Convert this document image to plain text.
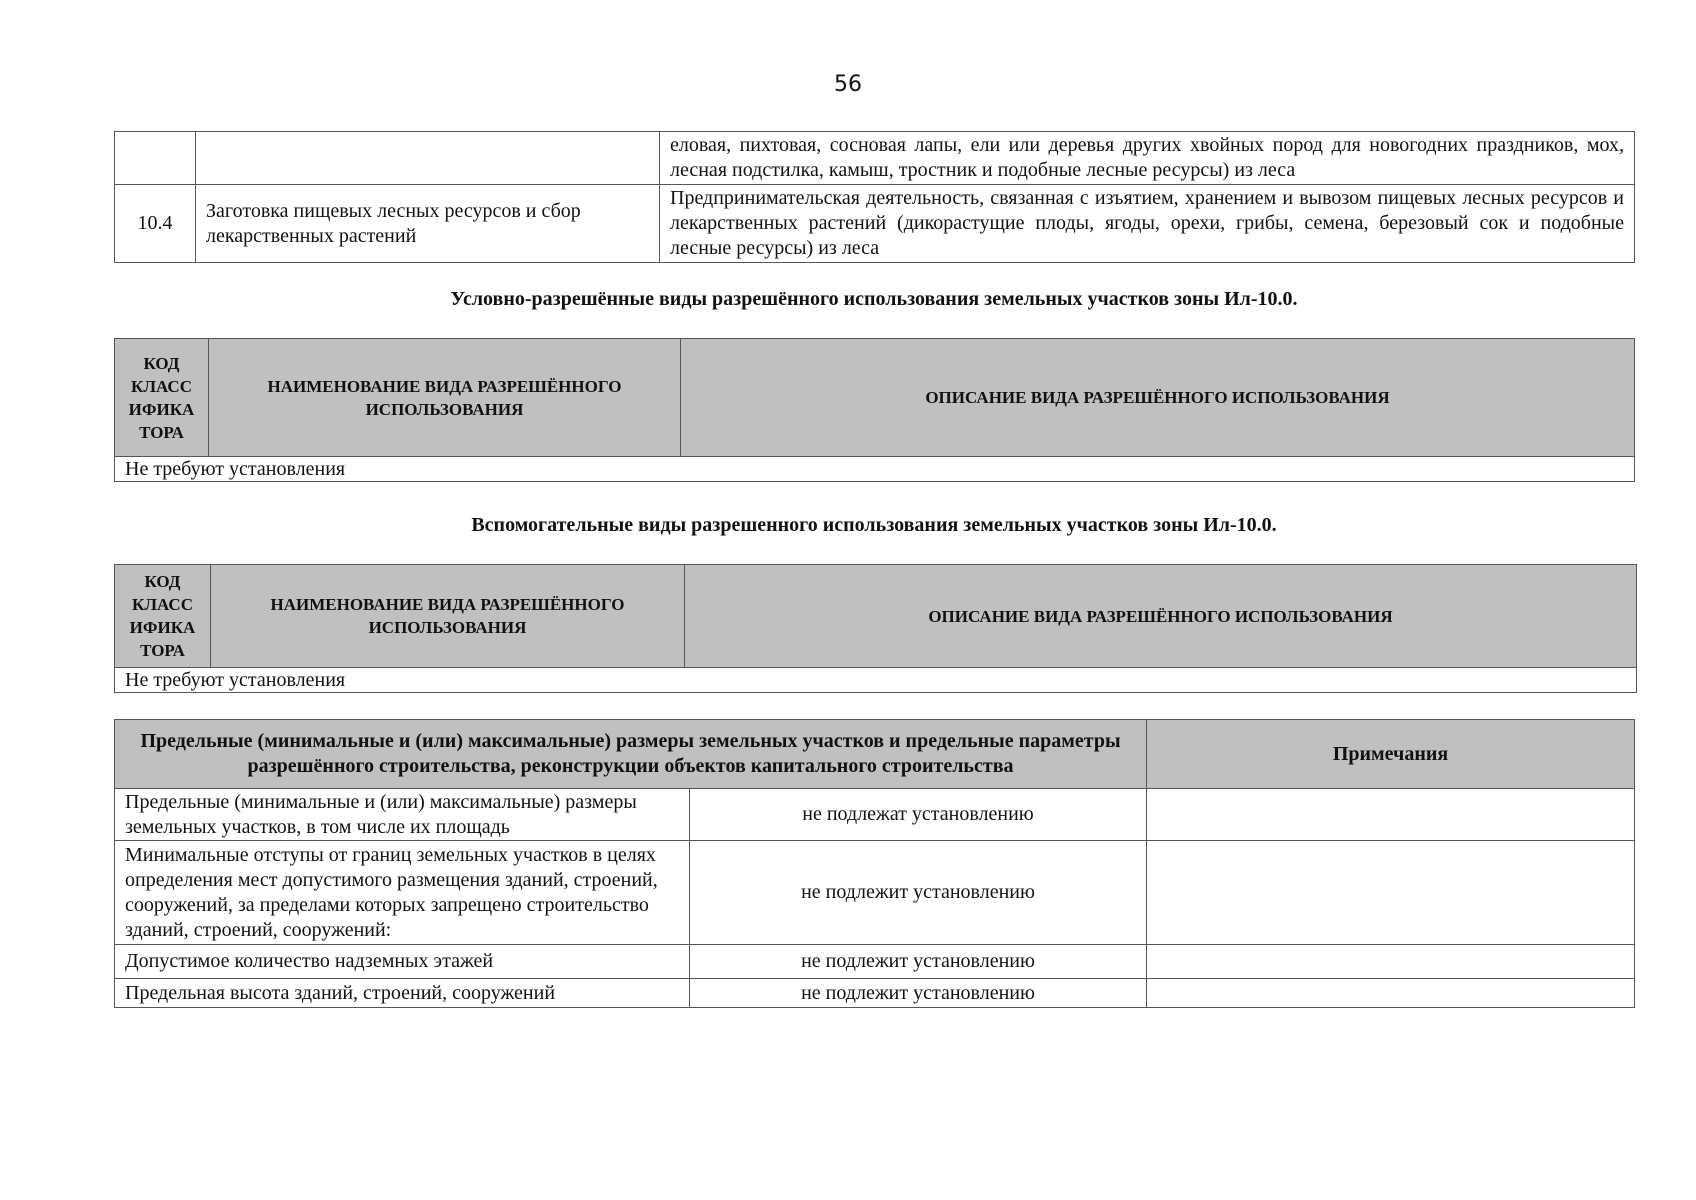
56
		еловая, пихтовая, сосновая лапы, ели или деревья других хвойных пород для новогодних праздников, мох, лесная подстилка, камыш, тростник и подобные лесные ресурсы) из леса
10.4	Заготовка пищевых лесных ресурсов и сбор лекарственных растений	Предпринимательская деятельность, связанная с изъятием, хранением и вывозом пищевых лесных ресурсов и лекарственных растений (дикорастущие плоды, ягоды, орехи, грибы, семена, березовый сок и подобные лесные ресурсы) из леса
Условно-разрешённые виды разрешённого использования земельных участков зоны Ил-10.0.
КОД КЛАСС ИФИКА ТОРА	НАИМЕНОВАНИЕ ВИДА РАЗРЕШЁННОГО ИСПОЛЬЗОВАНИЯ	ОПИСАНИЕ ВИДА РАЗРЕШЁННОГО ИСПОЛЬЗОВАНИЯ
Не требуют установления
Вспомогательные виды разрешенного использования земельных участков зоны Ил-10.0.
КОД КЛАСС ИФИКА ТОРА	НАИМЕНОВАНИЕ ВИДА РАЗРЕШЁННОГО ИСПОЛЬЗОВАНИЯ	ОПИСАНИЕ ВИДА РАЗРЕШЁННОГО ИСПОЛЬЗОВАНИЯ
Не требуют установления
Предельные (минимальные и (или) максимальные) размеры земельных участков и предельные параметры разрешённого строительства, реконструкции объектов капитального строительства		Примечания
Предельные (минимальные и (или) максимальные) размеры земельных участков, в том числе их площадь	не подлежат установлению	
Минимальные отступы от границ земельных участков в целях определения мест допустимого размещения зданий, строений, сооружений, за пределами которых запрещено строительство зданий, строений, сооружений:	не подлежит установлению	
Допустимое количество надземных этажей	не подлежит установлению	
Предельная высота зданий, строений, сооружений	не подлежит установлению	
